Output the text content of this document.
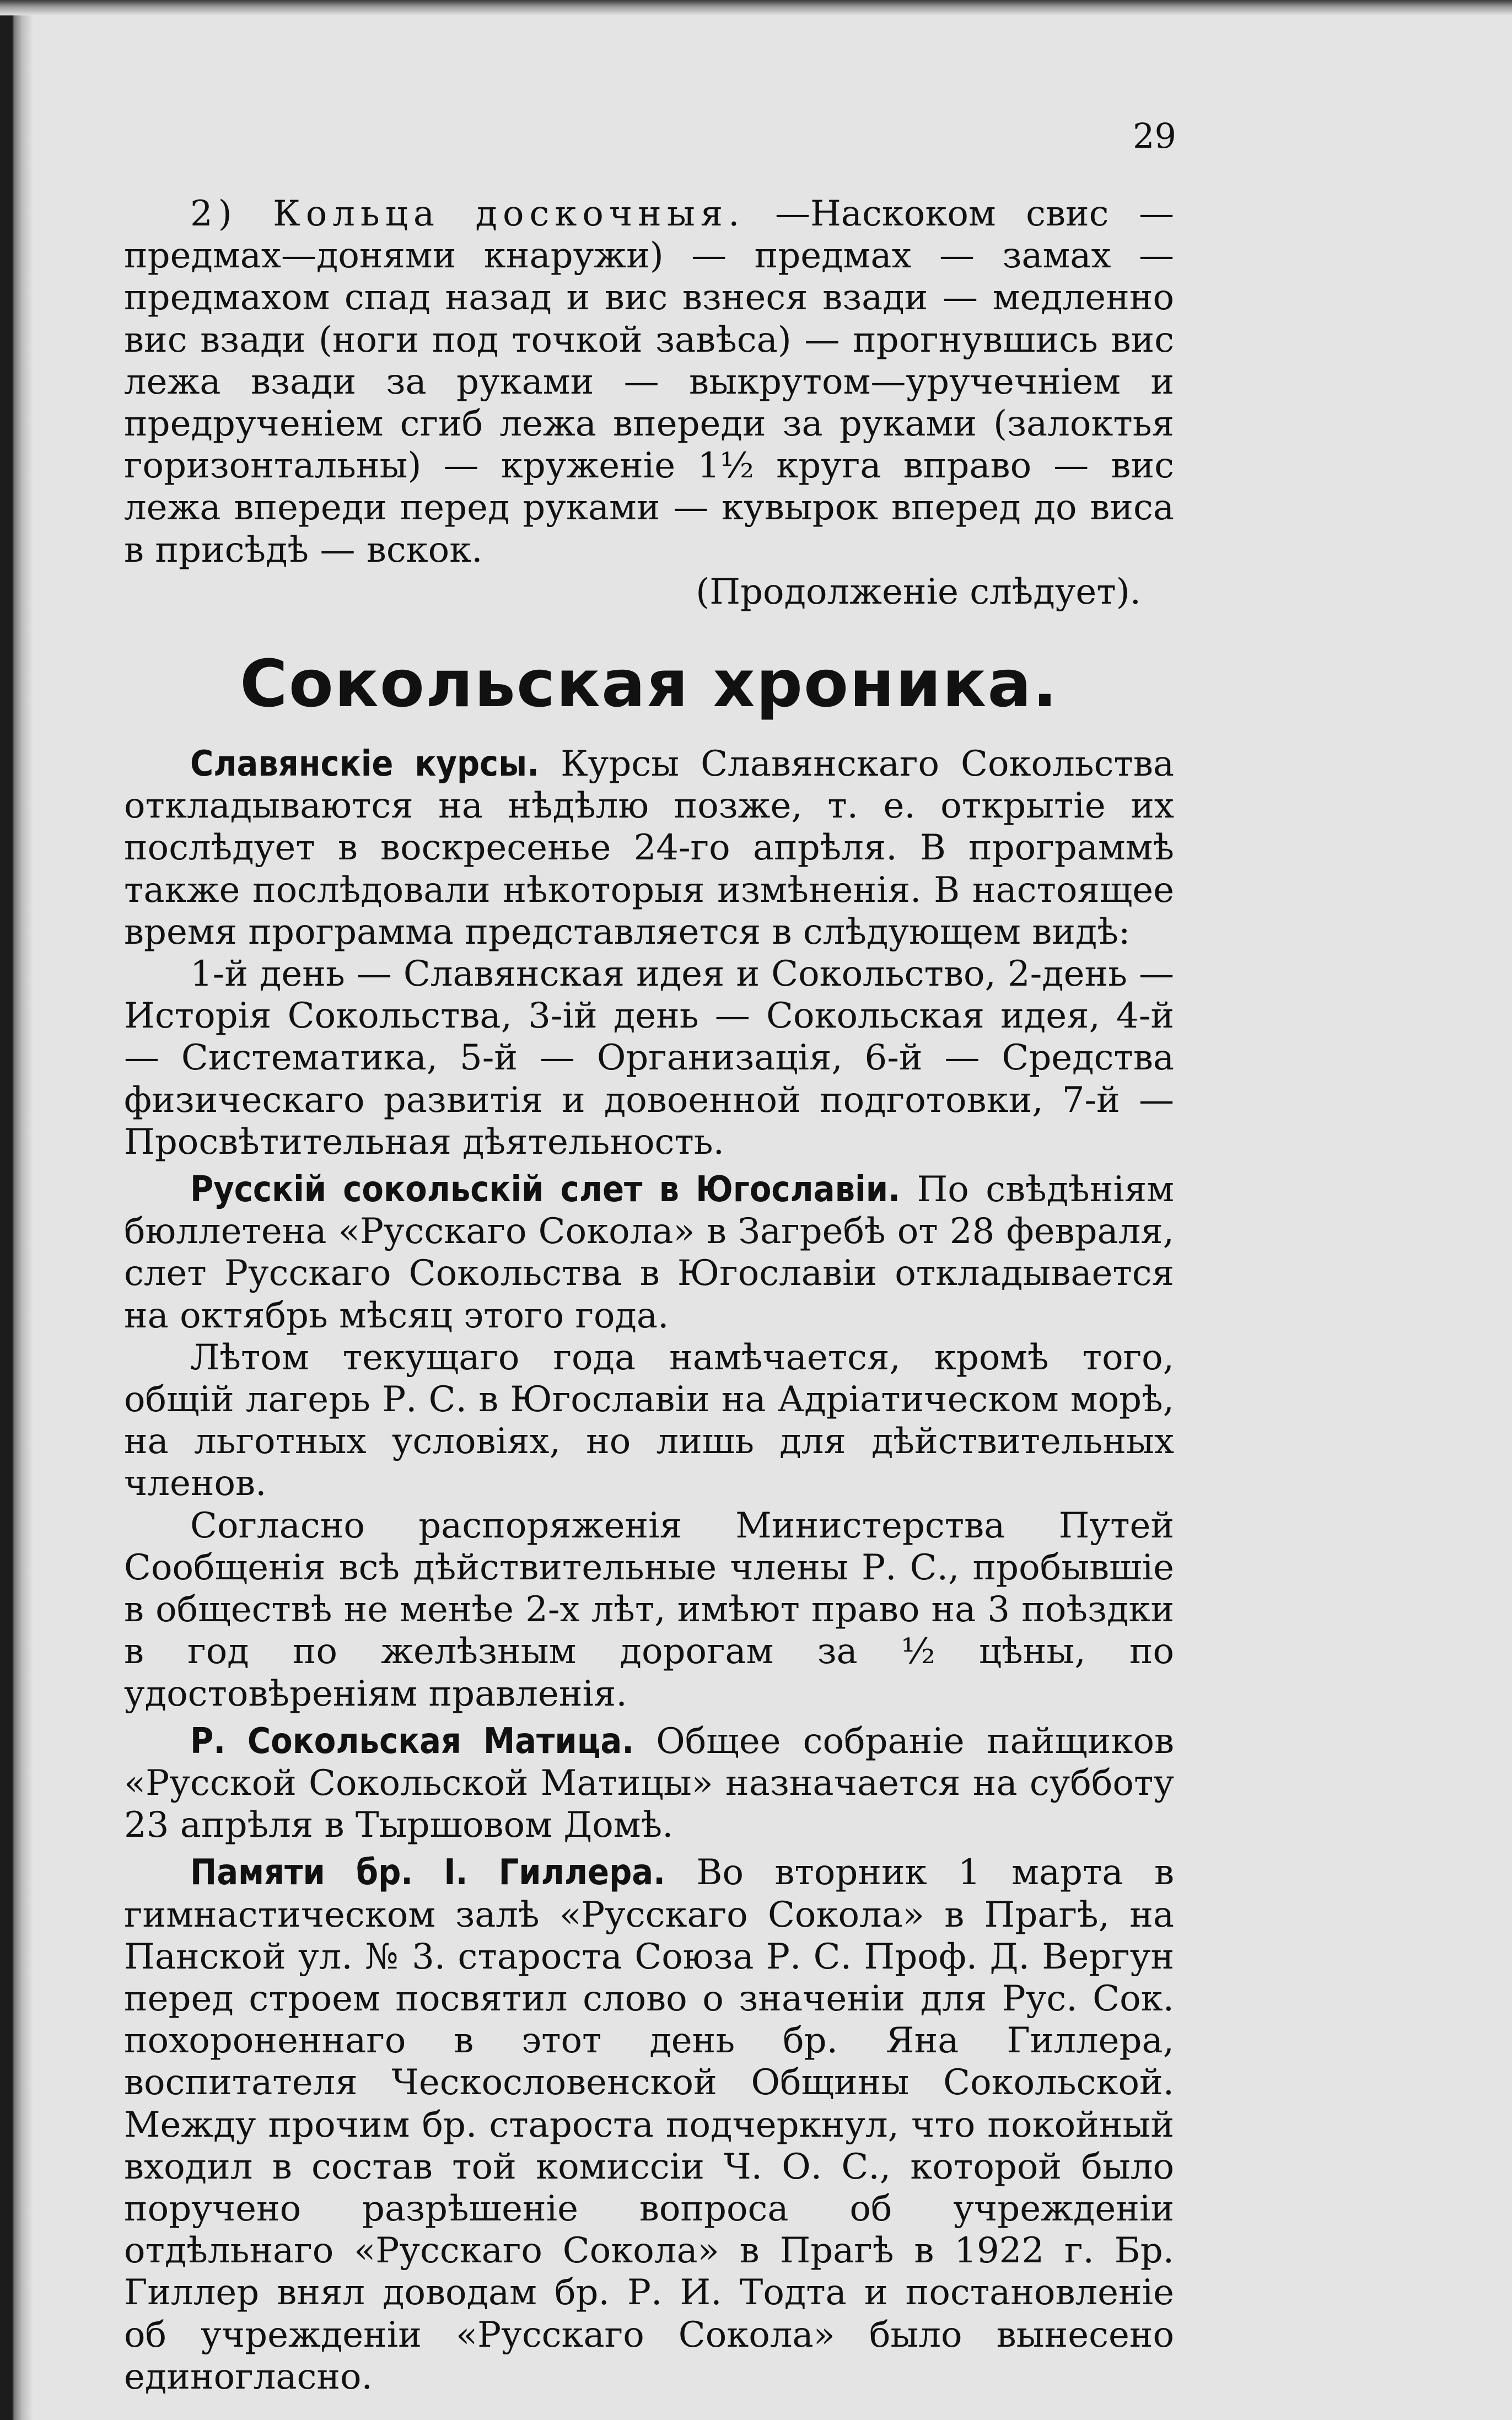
29

2) Кольца доскочныя. —Наскоком свис — предмах—донями кнаружи) — предмах — замах —предмахом спад назад и вис взнеся взади — медленно вис взади (ноги под точкой завѣса) — прогнувшись вис лежа взади за руками — выкрутом—уручечніем и предрученіем сгиб лежа впереди за руками (залоктья горизонтальны) — круженіе 1½ круга вправо — вис лежа впереди перед руками — кувырок вперед до виса в присѣдѣ — вскок.

(Продолженіе слѣдует).

Сокольская хроника.

Славянскіе курсы. Курсы Славянскаго Сокольства откладываются на нѣдѣлю позже, т. е. открытіе их послѣдует в воскресенье 24-го апрѣля. В программѣ также послѣдовали нѣкоторыя измѣненія. В настоящее время программа представляется в слѣдующем видѣ:

1-й день — Славянская идея и Сокольство, 2-день — Исторія Сокольства, 3-ій день — Сокольская идея, 4-й — Систематика, 5-й — Организація, 6-й — Средства физическаго развитія и довоенной подготовки, 7-й — Просвѣтительная дѣятельность.

Русскій сокольскій слет в Югославіи. По свѣдѣніям бюллетена «Русскаго Сокола» в Загребѣ от 28 февраля, слет Русскаго Сокольства в Югославіи откладывается на октябрь мѣсяц этого года.

Лѣтом текущаго года намѣчается, кромѣ того, общій лагерь Р. С. в Югославіи на Адріатическом морѣ, на льготных условіях, но лишь для дѣйствительных членов.

Согласно распоряженія Министерства Путей Сообщенія всѣ дѣйствительные члены Р. С., пробывшіе в обществѣ не менѣе 2-х лѣт, имѣют право на 3 поѣздки в год по желѣзным дорогам за ½ цѣны, по удостовѣреніям правленія.

Р. Сокольская Матица. Общее собраніе пайщиков «Русской Сокольской Матицы» назначается на субботу 23 апрѣля в Тыршовом Домѣ.

Памяти бр. І. Гиллера. Во вторник 1 марта в гимнастическом залѣ «Русскаго Сокола» в Прагѣ, на Панской ул. № 3. староста Союза Р. С. Проф. Д. Вергун перед строем посвятил слово о значеніи для Рус. Сок. похороненнаго в этот день бр. Яна Гиллера, воспитателя Ческословенской Общины Сокольской. Между прочим бр. староста подчеркнул, что покойный входил в состав той комиссіи Ч. О. С., которой было поручено разрѣшеніе вопроса об учрежденіи отдѣльнаго «Русскаго Сокола» в Прагѣ в 1922 г. Бр. Гиллер внял доводам бр. Р. И. Тодта и постановленіе об учрежденіи «Русскаго Сокола» было вынесено единогласно.
